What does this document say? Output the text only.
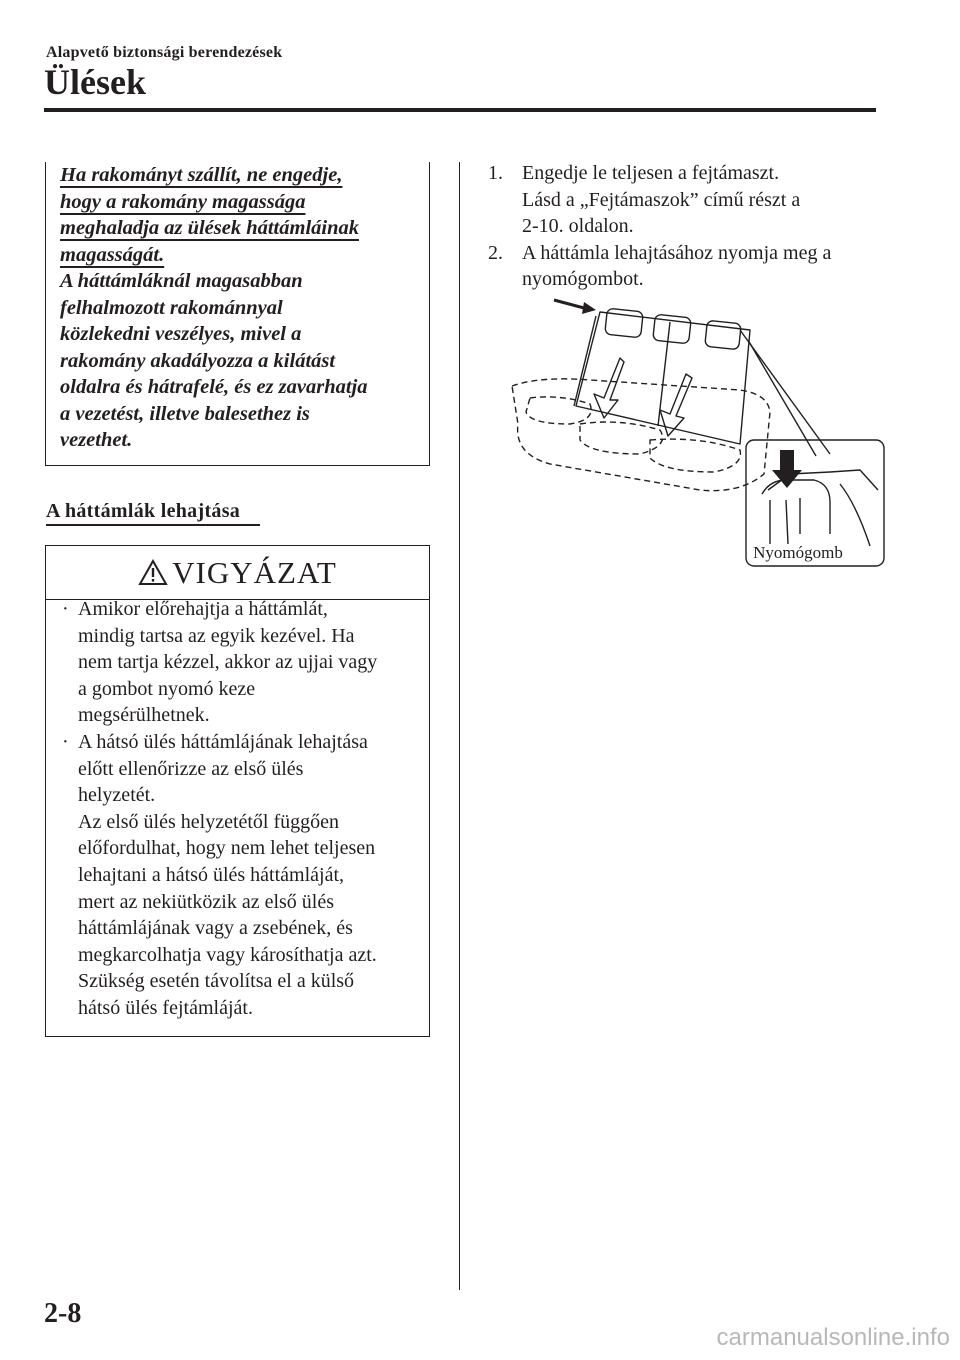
Alapvető biztonsági berendezések
Ülések
Ha rakományt szállít, ne engedje,
hogy a rakomány magassága
meghaladja az ülések háttámláinak
magasságát.
A háttámláknál magasabban
felhalmozott rakománnyal
közlekedni veszélyes, mivel a
rakomány akadályozza a kilátást
oldalra és hátrafelé, és ez zavarhatja
a vezetést, illetve balesethez is
vezethet.
A háttámlák lehajtása
VIGYÁZAT
· Amikor előrehajtja a háttámlát,
mindig tartsa az egyik kezével. Ha
nem tartja kézzel, akkor az ujjai vagy
a gombot nyomó keze
megsérülhetnek.
· A hátsó ülés háttámlájának lehajtása
előtt ellenőrizze az első ülés
helyzetét.
Az első ülés helyzetétől függően
előfordulhat, hogy nem lehet teljesen
lehajtani a hátsó ülés háttámláját,
mert az nekiütközik az első ülés
háttámlájának vagy a zsebének, és
megkarcolhatja vagy károsíthatja azt.
Szükség esetén távolítsa el a külső
hátsó ülés fejtámláját.
1. Engedje le teljesen a fejtámaszt.
Lásd a „Fejtámaszok” című részt a
2-10. oldalon.
2. A háttámla lehajtásához nyomja meg a
nyomógombot.
Nyomógomb
2-8
carmanualsonline.info
